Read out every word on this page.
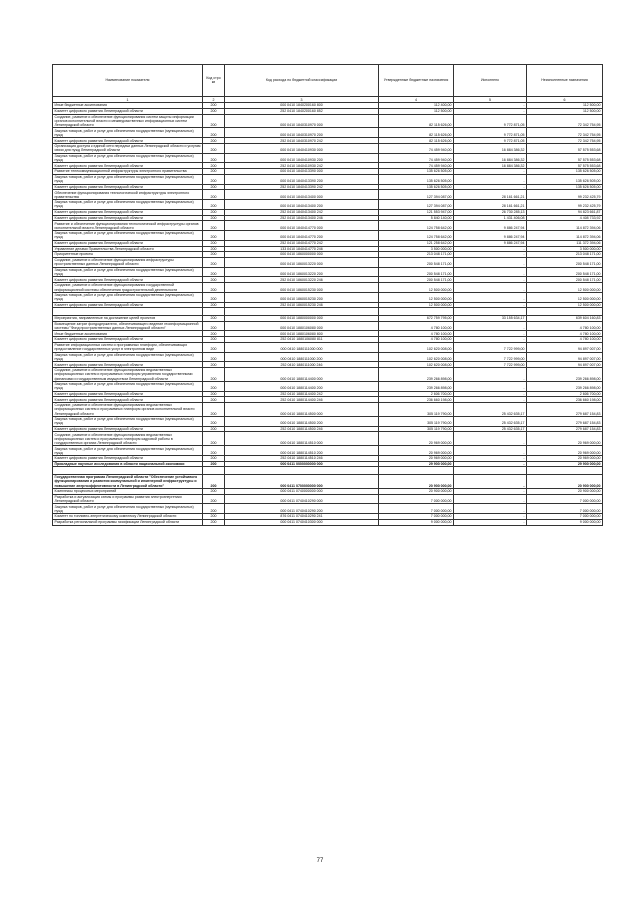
Наименование показателя	Код стро ки	Код расхода по бюджетной классификации	Утвержденные бюджетные назначения	Исполнено	Неисполненные назначения
1	2	3	4	5	6
Иные бюджетные ассигнования	200	000 0410 1840200160 800	112 400,00	-	112 500,00
Комитет цифрового развития Ленинградской области	200	252 0410 1840200160 852	112 500,00	-	112 500,00
Создание, развитие и обеспечение функционирования систем защиты информации органов исполнительной власти и межведомственных информационных систем Ленинградской области	200	000 0410 1840310970 000	82 115 626,00	9 772 871,05	72 342 754,95
Закупка товаров, работ и услуг для обеспечения государственных (муниципальных) нужд	200	000 0410 1840310970 200	82 115 626,00	9 772 871,05	72 342 754,95
Комитет цифрового развития Ленинградской области	200	252 0410 1840310970 242	82 115 626,00	9 772 871,05	72 342 754,95
Организация доступа к единой сети передачи данных Ленинградской области и услугам связи для нужд Ленинградской области	200	000 0410 1840410930 000	74 459 940,00	16 884 386,32	57 575 553,68
Закупка товаров, работ и услуг для обеспечения государственных (муниципальных) нужд	200	000 0410 1840410930 200	74 459 940,00	16 884 386,32	57 575 553,68
Комитет цифрового развития Ленинградской области	200	252 0410 1840410930 242	74 459 940,00	16 884 386,32	57 575 553,68
Развитие телекоммуникационной инфраструктуры электронного правительства	200	000 0410 1840413390 000	135 626 505,00	-	135 626 505,00
Закупка товаров, работ и услуг для обеспечения государственных (муниципальных) нужд	200	000 0410 1840413390 200	135 626 505,00	-	135 626 505,00
Комитет цифрового развития Ленинградской области	200	252 0410 1840413390 242	135 626 505,00	-	135 626 505,00
Обеспечение функционирования технологической инфраструктуры электронного правительства	200	000 0410 1840413400 000	127 394 087,00	28 161 661,21	99 232 425,79
Закупка товаров, работ и услуг для обеспечения государственных (муниципальных) нужд	200	000 0410 1840413400 200	127 394 087,00	28 161 661,21	99 232 425,79
Комитет цифрового развития Ленинградской области	200	252 0410 1840413400 242	121 553 947,00	26 730 285,13	94 823 661,87
Комитет цифрового развития Ленинградской области	200	252 0410 1840413400 246	5 840 140,00	1 431 406,08	4 408 733,92
Развитие и обеспечение функционирования технологической инфраструктуры органов исполнительной власти Ленинградской области	200	000 0410 1840414770 000	124 758 642,00	9 886 247,94	114 872 394,06
Закупка товаров, работ и услуг для обеспечения государственных (муниципальных) нужд	200	000 0410 1840414770 200	124 758 642,00	9 886 247,94	114 872 394,06
Комитет цифрового развития Ленинградской области	200	252 0410 1840414770 242	121 258 642,00	9 886 247,94	111 372 394,06
Управление делами Правительства Ленинградской области	200	133 0410 1840414770 246	3 500 000,00	-	3 500 000,00
Приоритетные проекты	200	000 0410 1860000000 000	213 048 171,00	-	213 048 171,00
Создание, развитие и обеспечение функционирования инфраструктуры пространственных данных Ленинградской области	200	000 0410 1860013220 000	200 548 171,00	-	200 548 171,00
Закупка товаров, работ и услуг для обеспечения государственных (муниципальных) нужд	200	000 0410 1860013220 200	200 548 171,00	-	200 548 171,00
Комитет цифрового развития Ленинградской области	200	252 0410 1860013220 246	200 548 171,00	-	200 548 171,00
Создание, развитие и обеспечение функционирования государственной информационной системы обеспечения градостроительной деятельности	200	000 0410 1860015230 000	12 500 000,00	-	12 500 000,00
Закупка товаров, работ и услуг для обеспечения государственных (муниципальных) нужд	200	000 0410 1860015230 200	12 500 000,00	-	12 500 000,00
Комитет цифрового развития Ленинградской области	200	252 0410 1860015230 246	12 500 000,00	-	12 500 000,00

Мероприятия, направленные на достижение целей проектов	200	000 0410 1880000000 000	672 759 795,00	33 155 634,17	639 604 160,83
Возмещение затрат фондодержателя, обеспечивающего ведение геоинформационной системы "Фонд пространственных данных Ленинградской области"	200	000 0410 1880106080 000	4 780 100,00	-	4 780 100,00
Иные бюджетные ассигнования	200	000 0410 1880106080 800	4 780 100,00	-	4 780 100,00
Комитет цифрового развития Ленинградской области	200	252 0410 1880106080 811	4 780 100,00	-	4 780 100,00
Развитие информационных систем и программных платформ, обеспечивающих предоставление государственных услуг в электронном виде	200	000 0410 1880111000 000	102 620 008,00	7 722 999,00	94 897 007,00
Закупка товаров, работ и услуг для обеспечения государственных (муниципальных) нужд	200	000 0410 1880111000 200	102 620 008,00	7 722 999,00	94 897 007,00
Комитет цифрового развития Ленинградской области	200	252 0410 1880111000 246	102 620 008,00	7 722 999,00	94 897 007,00
Создание, развитие и обеспечение функционирования ведомственных информационных систем и программных платформ управления государственными финансами и государственным имуществом Ленинградской области	200	000 0410 1880114400 000	239 266 898,00	-	239 266 898,00
Закупка товаров, работ и услуг для обеспечения государственных (муниципальных) нужд	200	000 0410 1880114400 200	239 266 898,00	-	239 266 898,00
Комитет цифрового развития Ленинградской области	200	252 0410 1880114400 242	2 606 700,00	-	2 606 700,00
Комитет цифрового развития Ленинградской области	200	252 0410 1880114400 246	236 660 198,00	-	236 660 198,00
Создание, развитие и обеспечение функционирования ведомственных информационных систем и программных платформ органов исполнительной власти Ленинградской области	200	000 0410 1880114500 000	305 119 790,00	25 432 635,17	279 687 154,83
Закупка товаров, работ и услуг для обеспечения государственных (муниципальных) нужд	200	000 0410 1880114500 200	305 119 790,00	25 432 635,17	279 687 154,83
Комитет цифрового развития Ленинградской области	200	252 0410 1880114500 246	305 119 790,00	25 432 635,17	279 687 154,83
Создание, развитие и обеспечение функционирования ведомственных информационных систем и программных платформ кадровой работы в государственных органах Ленинградской области	200	000 0410 1880114510 000	20 969 000,00	-	20 969 000,00
Закупка товаров, работ и услуг для обеспечения государственных (муниципальных) нужд	200	000 0410 1880114510 200	20 969 000,00	-	20 969 000,00
Комитет цифрового развития Ленинградской области	200	252 0410 1880114510 246	20 969 000,00	-	20 969 000,00
Прикладные научные исследования в области национальной экономики	200	000 0411 0000000000 000	29 900 000,00	-	29 900 000,00

Государственная программа Ленинградской области "Обеспечение устойчивого функционирования и развития коммунальной и инженерной инфраструктуры и повышение энергоэффективности в Ленинградской области"	200	000 0411 0700000000 000	20 900 000,00	-	20 900 000,00
Комплексы процессных мероприятий	200	000 0411 0740000000 000	20 900 000,00	-	20 900 000,00
Разработка и актуализация схемы и программы развития электроэнергетики Ленинградской области	200	000 0411 0740410290 000	7 000 000,00	-	7 000 000,00
Закупка товаров, работ и услуг для обеспечения государственных (муниципальных) нужд	200	000 0411 0740410290 200	7 000 000,00	-	7 000 000,00
Комитет по топливно-энергетическому комплексу Ленинградской области	200	876 0411 0740410290 241	7 000 000,00	-	7 000 000,00
Разработка региональной программы газификации Ленинградской области	200	000 0411 0740410300 000	9 000 000,00	-	9 000 000,00
77
